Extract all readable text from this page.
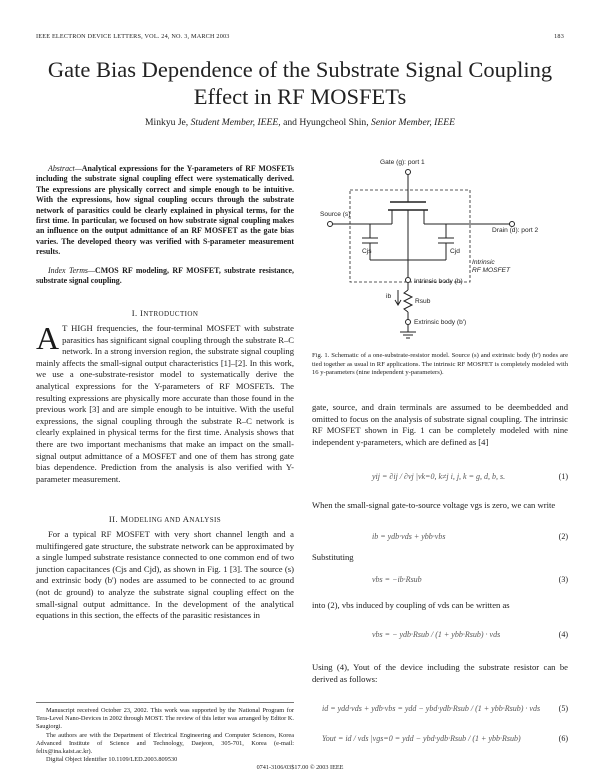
IEEE ELECTRON DEVICE LETTERS, VOL. 24, NO. 3, MARCH 2003	183
Gate Bias Dependence of the Substrate Signal Coupling Effect in RF MOSFETs
Minkyu Je, Student Member, IEEE, and Hyungcheol Shin, Senior Member, IEEE
Abstract—Analytical expressions for the Y-parameters of RF MOSFETs including the substrate signal coupling effect were systematically derived. The expressions are physically correct and simple enough to be intuitive. With the expressions, how signal coupling occurs through the substrate network of parasitics could be clearly explained in physical terms, for the first time. In particular, we focused on how substrate signal coupling makes an influence on the output admittance of an RF MOSFET as the gate bias varies. The developed theory was verified with S-parameter measurement results.
Index Terms—CMOS RF modeling, RF MOSFET, substrate resistance, substrate signal coupling.
I. INTRODUCTION
A T HIGH frequencies, the four-terminal MOSFET with substrate parasitics has significant signal coupling through the substrate R–C network. In a strong inversion region, the substrate signal coupling mainly affects the small-signal output characteristics [1]–[2]. In this work, we use a one-substrate-resistor model to systematically derive the analytical expressions for the Y-parameters of RF MOSFETs. The resulting expressions are physically more accurate than those found in the previous work [3] and are simple enough to be intuitive. With the useful expressions, the signal coupling through the substrate R–C network is clearly explained in physical terms for the first time. Analysis shows that there are two important mechanisms that make an impact on the small-signal output admittance of a MOSFET and one of them has strong gate bias dependence. Prediction from the analysis is also verified with Y-parameter measurement.
II. MODELING AND ANALYSIS
For a typical RF MOSFET with very short channel length and a multifingered gate structure, the substrate network can be approximated by a single lumped substrate resistance connected to one common end of two junction capacitances (Cjs and Cjd), as shown in Fig. 1 [3]. The source (s) and extrinsic body (b') nodes are assumed to be connected to ac ground (not dc ground) to analyze the substrate signal coupling effect on the small-signal output admittance. In the development of the analytical equations in this section, the effects of the parasitic resistances in

Manuscript received October 23, 2002. This work was supported by the National Program for Tera-Level Nano-Devices in 2002 through MOST. The review of this letter was arranged by Editor K. Saugiorgi.

The authors are with the Department of Electrical Engineering and Computer Sciences, Korea Advanced Institute of Science and Technology, Daejeon, 305-701, Korea (e-mail: felix@ina.kaist.ac.kr).

Digital Object Identifier 10.1109/LED.2003.809530

Gate (g): port 1
Source (s)
Drain (d): port 2
Cjs	Cjd
Intrinsic
RF MOSFET
Intrinsic body (b)
ib
Rsub
Extrinsic body (b')
Fig. 1. Schematic of a one-substrate-resistor model. Source (s) and extrinsic body (b') nodes are tied together as usual in RF applications. The intrinsic RF MOSFET is completely modeled with 16 y-parameters (nine independent y-parameters).
gate, source, and drain terminals are assumed to be deembedded and omitted to focus on the analysis of substrate signal coupling. The intrinsic RF MOSFET shown in Fig. 1 can be completely modeled with nine independent y-parameters, which are defined as [4]
yij = ∂ij / ∂vj |vk=0, k≠j i, j, k = g, d, b, s.	(1)
When the small-signal gate-to-source voltage vgs is zero, we can write
ib = ydb·vds + ybb·vbs	(2)
Substituting
vbs = −ib·Rsub	(3)
into (2), vbs induced by coupling of vds can be written as
vbs = − ydb·Rsub / (1 + ybb·Rsub) · vds	(4)
Using (4), Yout of the device including the substrate resistor can be derived as follows:
id = ydd·vds + ydb·vbs = ydd − ybd·ydb·Rsub / (1 + ybb·Rsub) · vds (5)
Yout = id / vds |vgs=0 = ydd − ybd·ydb·Rsub / (1 + ybb·Rsub)	(6)
0741-3106/03$17.00 © 2003 IEEE
